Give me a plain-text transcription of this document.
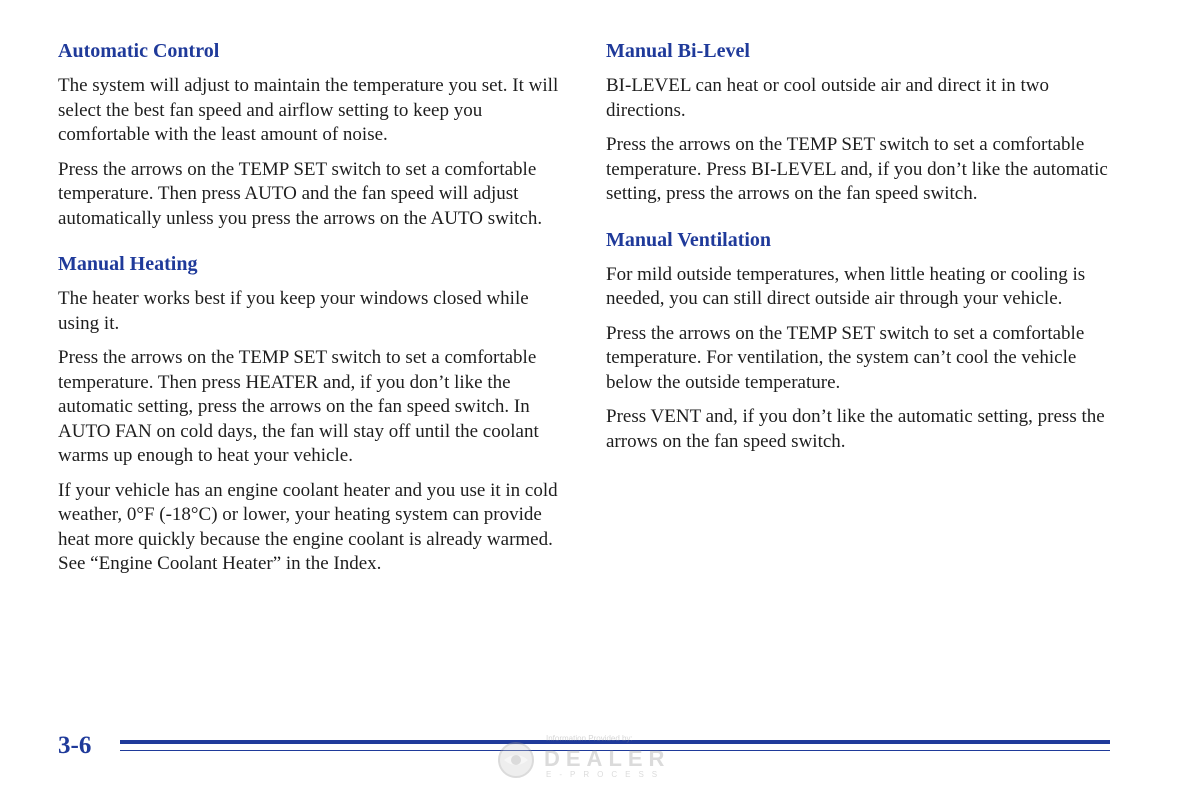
Automatic Control

The system will adjust to maintain the temperature you set. It will select the best fan speed and airflow setting to keep you comfortable with the least amount of noise.

Press the arrows on the TEMP SET switch to set a comfortable temperature. Then press AUTO and the fan speed will adjust automatically unless you press the arrows on the AUTO switch.

Manual Heating

The heater works best if you keep your windows closed while using it.

Press the arrows on the TEMP SET switch to set a comfortable temperature. Then press HEATER and, if you don’t like the automatic setting, press the arrows on the fan speed switch. In AUTO FAN on cold days, the fan will stay off until the coolant warms up enough to heat your vehicle.

If your vehicle has an engine coolant heater and you use it in cold weather, 0°F (-18°C) or lower, your heating system can provide heat more quickly because the engine coolant is already warmed. See “Engine Coolant Heater” in the Index.

Manual Bi-Level

BI-LEVEL can heat or cool outside air and direct it in two directions.

Press the arrows on the TEMP SET switch to set a comfortable temperature. Press BI-LEVEL and, if you don’t like the automatic setting, press the arrows on the fan speed switch.

Manual Ventilation

For mild outside temperatures, when little heating or cooling is needed, you can still direct outside air through your vehicle.

Press the arrows on the TEMP SET switch to set a comfortable temperature. For ventilation, the system can’t cool the vehicle below the outside temperature.

Press VENT and, if you don’t like the automatic setting, press the arrows on the fan speed switch.

3-6	Information Provided by:
DEALER
E-PROCESS
